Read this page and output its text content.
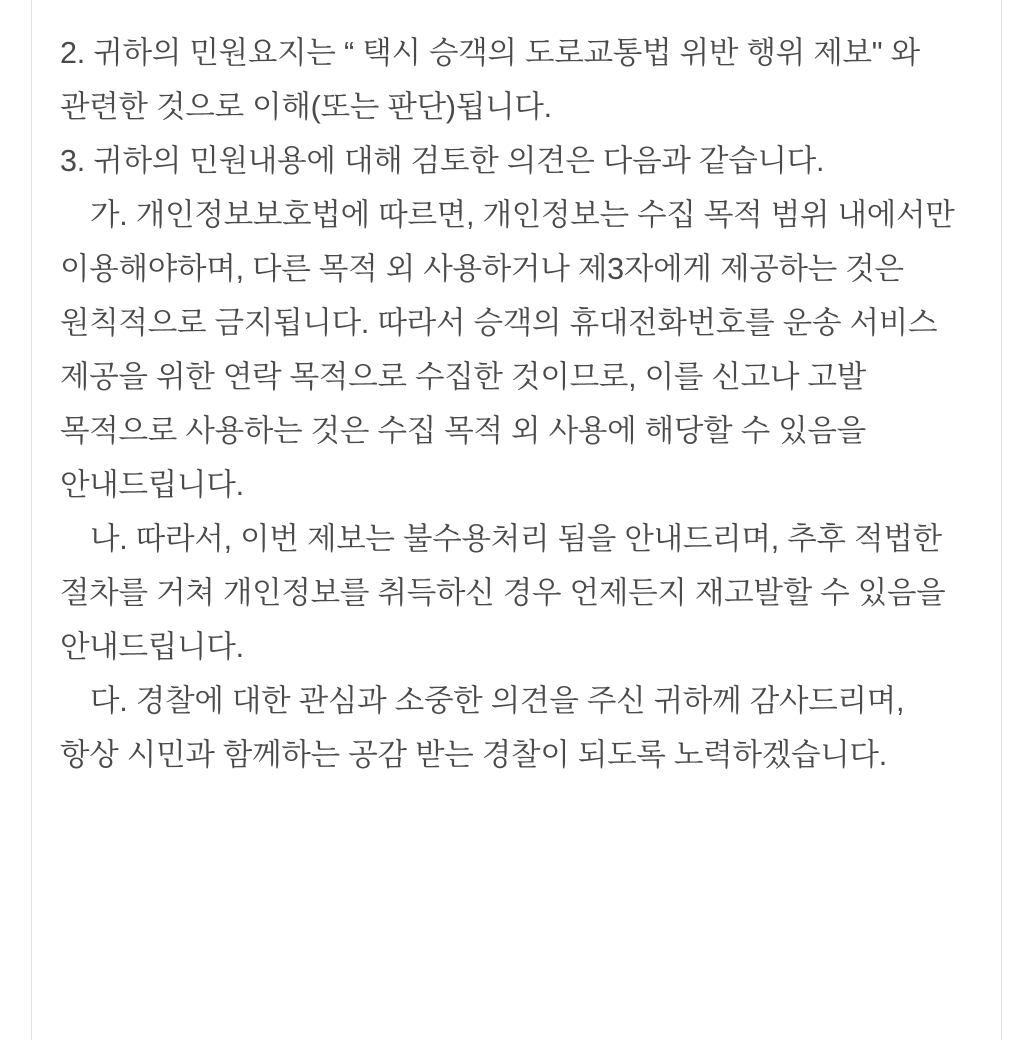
2. 귀하의 민원요지는 “ 택시 승객의 도로교통법 위반 행위 제보" 와 관련한 것으로 이해(또는 판단)됩니다.

3. 귀하의 민원내용에 대해 검토한 의견은 다음과 같습니다.

가. 개인정보보호법에 따르면, 개인정보는 수집 목적 범위 내에서만 이용해야하며, 다른 목적 외 사용하거나 제3자에게 제공하는 것은 원칙적으로 금지됩니다. 따라서 승객의 휴대전화번호를 운송 서비스 제공을 위한 연락 목적으로 수집한 것이므로, 이를 신고나 고발 목적으로 사용하는 것은 수집 목적 외 사용에 해당할 수 있음을 안내드립니다.

나. 따라서, 이번 제보는 불수용처리 됨을 안내드리며, 추후 적법한 절차를 거쳐 개인정보를 취득하신 경우 언제든지 재고발할 수 있음을 안내드립니다.

다. 경찰에 대한 관심과 소중한 의견을 주신 귀하께 감사드리며, 항상 시민과 함께하는 공감 받는 경찰이 되도록 노력하겠습니다.
